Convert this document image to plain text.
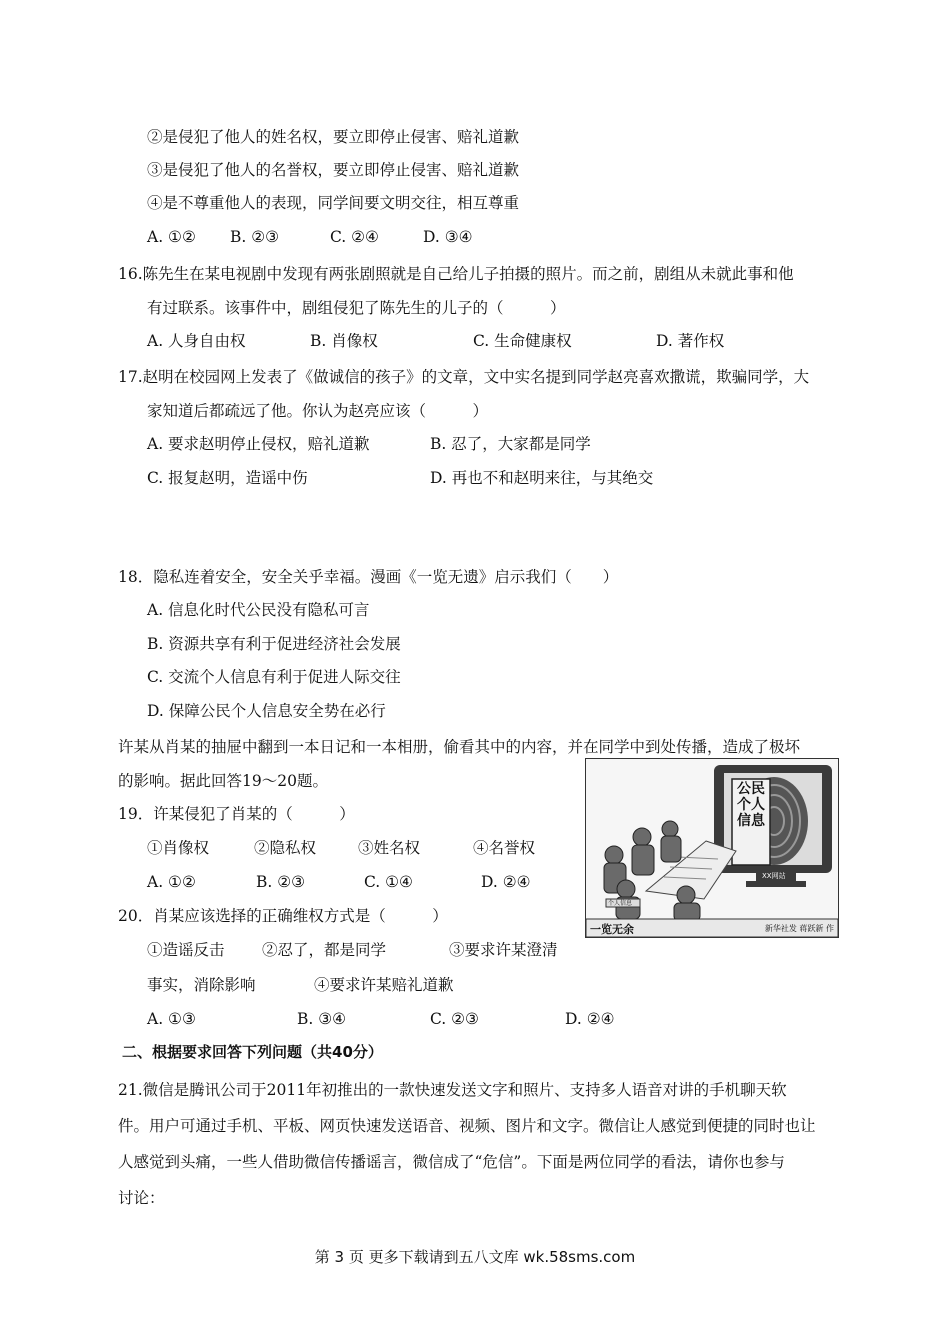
②是侵犯了他人的姓名权，要立即停止侵害、赔礼道歉
③是侵犯了他人的名誉权，要立即停止侵害、赔礼道歉
④是不尊重他人的表现，同学间要文明交往，相互尊重
A. ①② B. ②③	C. ②④	D. ③④
16.陈先生在某电视剧中发现有两张剧照就是自己给儿子拍摄的照片。而之前，剧组从未就此事和他
有过联系。该事件中，剧组侵犯了陈先生的儿子的（　　　）
A. 人身自由权	B. 肖像权	C. 生命健康权	D. 著作权
17.赵明在校园网上发表了《做诚信的孩子》的文章，文中实名提到同学赵亮喜欢撒谎，欺骗同学，大
家知道后都疏远了他。你认为赵亮应该（　　　）
A. 要求赵明停止侵权，赔礼道歉	B. 忍了，大家都是同学
C. 报复赵明，造谣中伤	D. 再也不和赵明来往，与其绝交
18．隐私连着安全，安全关乎幸福。漫画《一览无遗》启示我们（　　）
A. 信息化时代公民没有隐私可言
B. 资源共享有利于促进经济社会发展
C. 交流个人信息有利于促进人际交往
D. 保障公民个人信息安全势在必行
许某从肖某的抽屉中翻到一本日记和一本相册，偷看其中的内容，并在同学中到处传播，造成了极坏
的影响。据此回答19～20题。
19．许某侵犯了肖某的（　　　）
①肖像权	②隐私权	③姓名权	④名誉权
A. ①②	B. ②③	C. ①④	D. ②④
20．肖某应该选择的正确维权方式是（　　　）
①造谣反击 ②忍了，都是同学	③要求许某澄清
事实，消除影响	④要求许某赔礼道歉
A. ①③	B. ③④	C. ②③	D. ②④
二、根据要求回答下列问题（共40分）
21.微信是腾讯公司于2011年初推出的一款快速发送文字和照片、支持多人语音对讲的手机聊天软
件。用户可通过手机、平板、网页快速发送语音、视频、图片和文字。微信让人感觉到便捷的同时也让
人感觉到头痛，一些人借助微信传播谣言，微信成了“危信”。下面是两位同学的看法，请你也参与
讨论：
公民个人信息
XX网站
个人信息
一览无余	新华社发 蒋跃新 作
第 3 页 更多下载请到五八文库 wk.58sms.com
